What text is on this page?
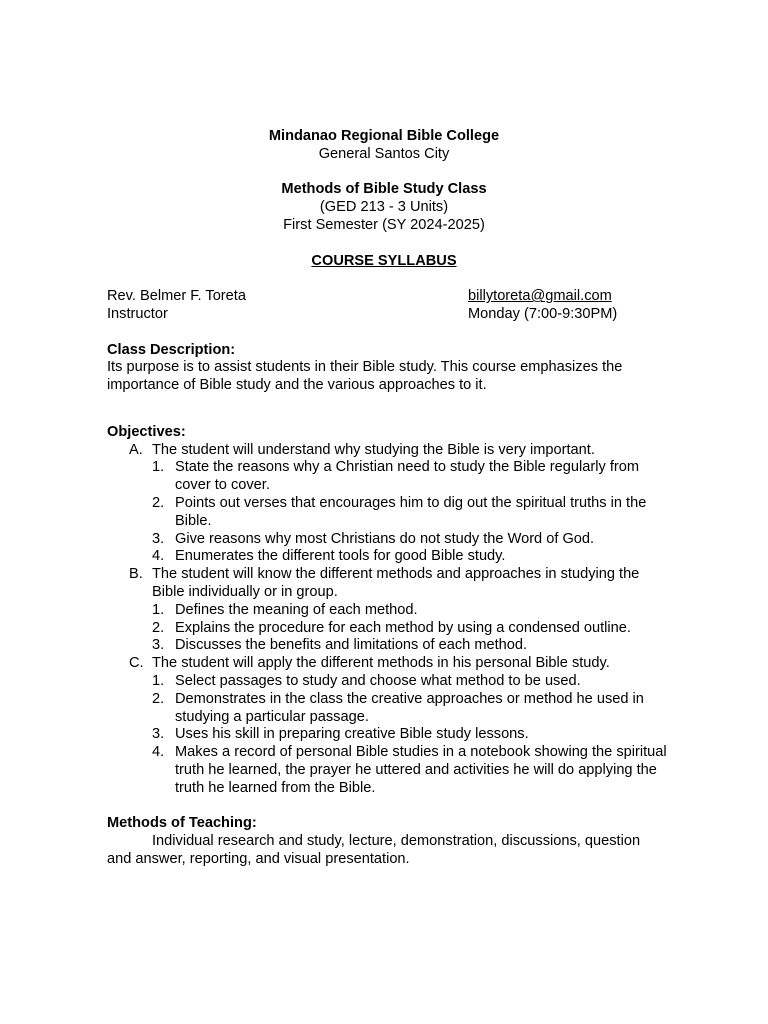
Mindanao Regional Bible College
General Santos City
Methods of Bible Study Class
(GED 213 - 3 Units)
First Semester (SY 2024-2025)
COURSE SYLLABUS
Rev. Belmer F. Toreta
Instructor
billytoreta@gmail.com
Monday (7:00-9:30PM)
Class Description:

Its purpose is to assist students in their Bible study. This course emphasizes the importance of Bible study and the various approaches to it.

Objectives:
A. The student will understand why studying the Bible is very important.
1. State the reasons why a Christian need to study the Bible regularly from cover to cover.
2. Points out verses that encourages him to dig out the spiritual truths in the Bible.
3. Give reasons why most Christians do not study the Word of God.
4. Enumerates the different tools for good Bible study.
B. The student will know the different methods and approaches in studying the Bible individually or in group.
1. Defines the meaning of each method.
2. Explains the procedure for each method by using a condensed outline.
3. Discusses the benefits and limitations of each method.
C. The student will apply the different methods in his personal Bible study.
1. Select passages to study and choose what method to be used.
2. Demonstrates in the class the creative approaches or method he used in studying a particular passage.
3. Uses his skill in preparing creative Bible study lessons.
4. Makes a record of personal Bible studies in a notebook showing the spiritual truth he learned, the prayer he uttered and activities he will do applying the truth he learned from the Bible.
Methods of Teaching:

Individual research and study, lecture, demonstration, discussions, question and answer, reporting, and visual presentation.
